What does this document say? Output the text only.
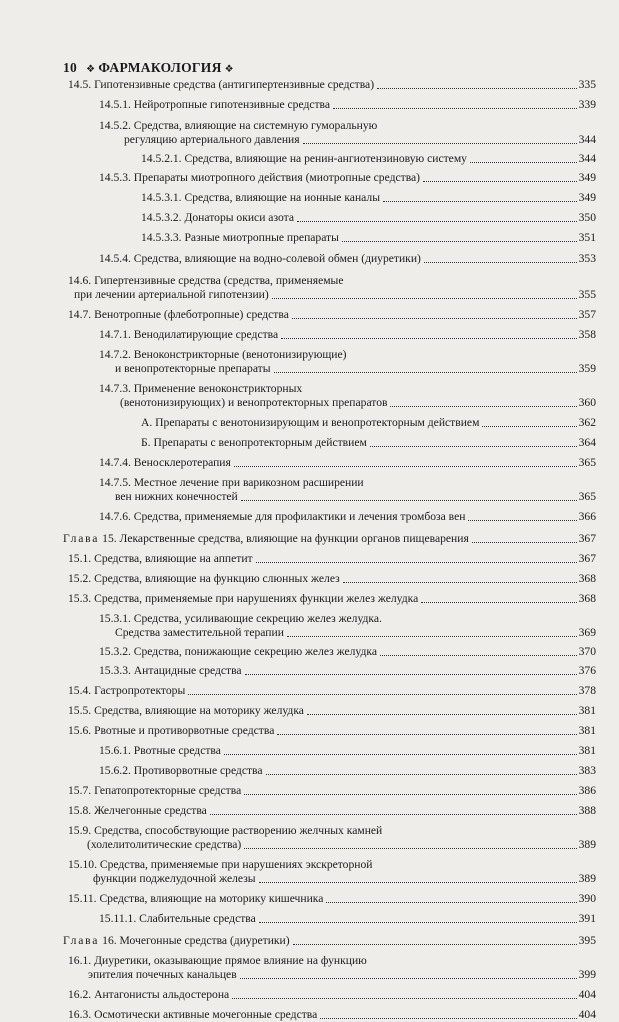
10 ❖ ФАРМАКОЛОГИЯ ❖
14.5. Гипотензивные средства (антигипертензивные средства)	335
14.5.1. Нейротропные гипотензивные средства	339
14.5.2. Средства, влияющие на системную гуморальную
регуляцию артериального давления	344
14.5.2.1. Средства, влияющие на ренин-ангиотензиновую систему	344
14.5.3. Препараты миотропного действия (миотропные средства)	349
14.5.3.1. Средства, влияющие на ионные каналы	349
14.5.3.2. Донаторы окиси азота	350
14.5.3.3. Разные миотропные препараты	351
14.5.4. Средства, влияющие на водно-солевой обмен (диуретики)	353
14.6. Гипертензивные средства (средства, применяемые
при лечении артериальной гипотензии)	355
14.7. Венотропные (флеботропные) средства	357
14.7.1. Венодилатирующие средства	358
14.7.2. Веноконстрикторные (венотонизирующие)
и венопротекторные препараты	359
14.7.3. Применение веноконстрикторных
(венотонизирующих) и венопротекторных препаратов	360
А. Препараты с венотонизирующим и венопротекторным действием	362
Б. Препараты с венопротекторным действием	364
14.7.4. Веносклеротерапия	365
14.7.5. Местное лечение при варикозном расширении
вен нижних конечностей	365
14.7.6. Средства, применяемые для профилактики и лечения тромбоза вен	366
Глава 15. Лекарственные средства, влияющие на функции органов пищеварения	367
15.1. Средства, влияющие на аппетит	367
15.2. Средства, влияющие на функцию слюнных желез	368
15.3. Средства, применяемые при нарушениях функции желез желудка	368
15.3.1. Средства, усиливающие секрецию желез желудка.
Средства заместительной терапии	369
15.3.2. Средства, понижающие секрецию желез желудка	370
15.3.3. Антацидные средства	376
15.4. Гастропротекторы	378
15.5. Средства, влияющие на моторику желудка	381
15.6. Рвотные и противорвотные средства	381
15.6.1. Рвотные средства	381
15.6.2. Противорвотные средства	383
15.7. Гепатопротекторные средства	386
15.8. Желчегонные средства	388
15.9. Средства, способствующие растворению желчных камней
(холелитолитические средства)	389
15.10. Средства, применяемые при нарушениях экскреторной
функции поджелудочной железы	389
15.11. Средства, влияющие на моторику кишечника	390
15.11.1. Слабительные средства	391
Глава 16. Мочегонные средства (диуретики)	395
16.1. Диуретики, оказывающие прямое влияние на функцию
эпителия почечных канальцев	399
16.2. Антагонисты альдостерона	404
16.3. Осмотически активные мочегонные средства	404
